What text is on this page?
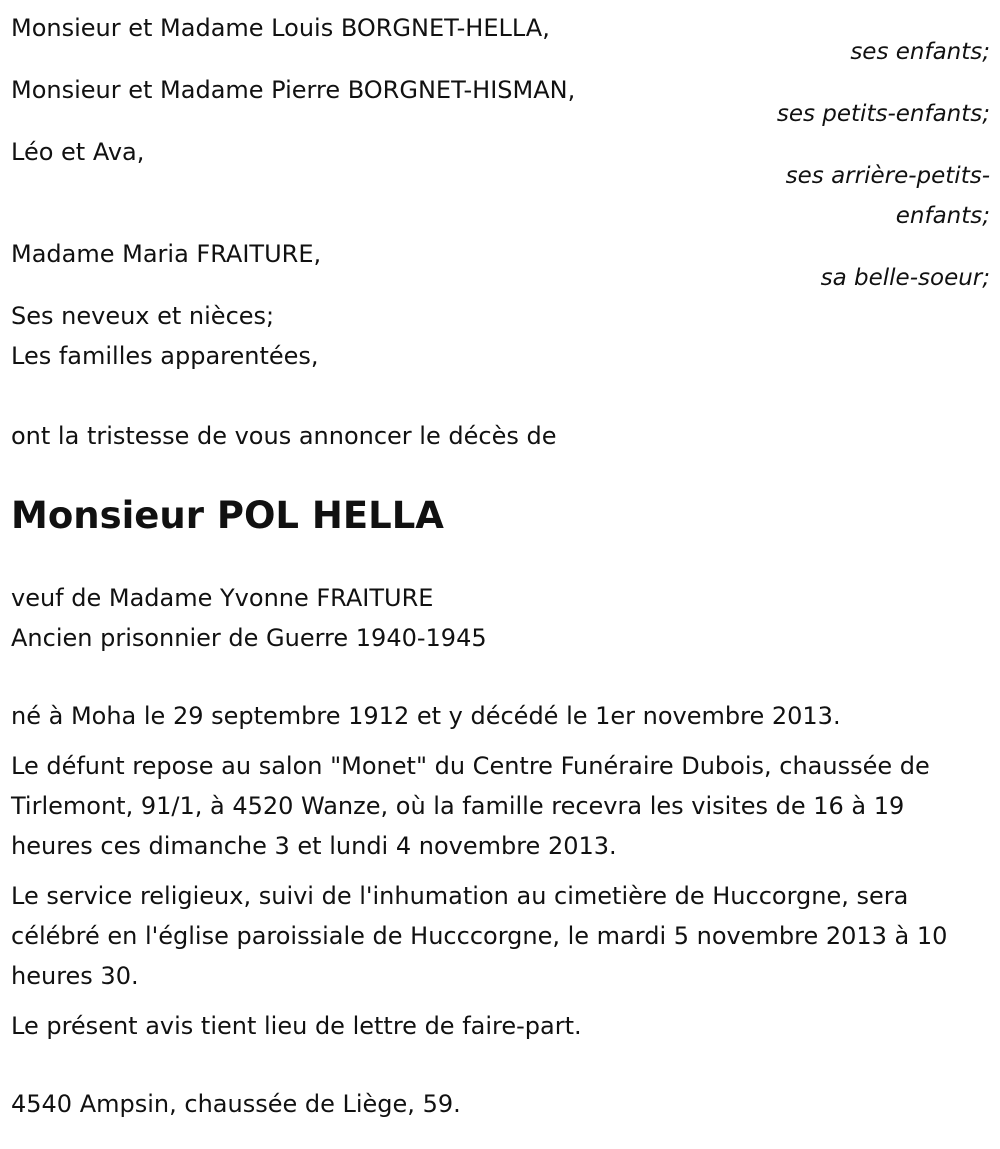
Monsieur et Madame Louis BORGNET-HELLA,
ses enfants;
Monsieur et Madame Pierre BORGNET-HISMAN,
ses petits-enfants;
Léo et Ava,
ses arrière-petits-
enfants;
Madame Maria FRAITURE,
sa belle-soeur;
Ses neveux et nièces;
Les familles apparentées,
ont la tristesse de vous annoncer le décès de
Monsieur POL HELLA
veuf de Madame Yvonne FRAITURE
Ancien prisonnier de Guerre 1940-1945
né à Moha le 29 septembre 1912 et y décédé le 1er novembre 2013.

Le défunt repose au salon "Monet" du Centre Funéraire Dubois, chaussée de Tirlemont, 91/1, à 4520 Wanze, où la famille recevra les visites de 16 à 19 heures ces dimanche 3 et lundi 4 novembre 2013.

Le service religieux, suivi de l'inhumation au cimetière de Huccorgne, sera célébré en l'église paroissiale de Hucccorgne, le mardi 5 novembre 2013 à 10 heures 30.

Le présent avis tient lieu de lettre de faire-part.

4540 Ampsin, chaussée de Liège, 59.
